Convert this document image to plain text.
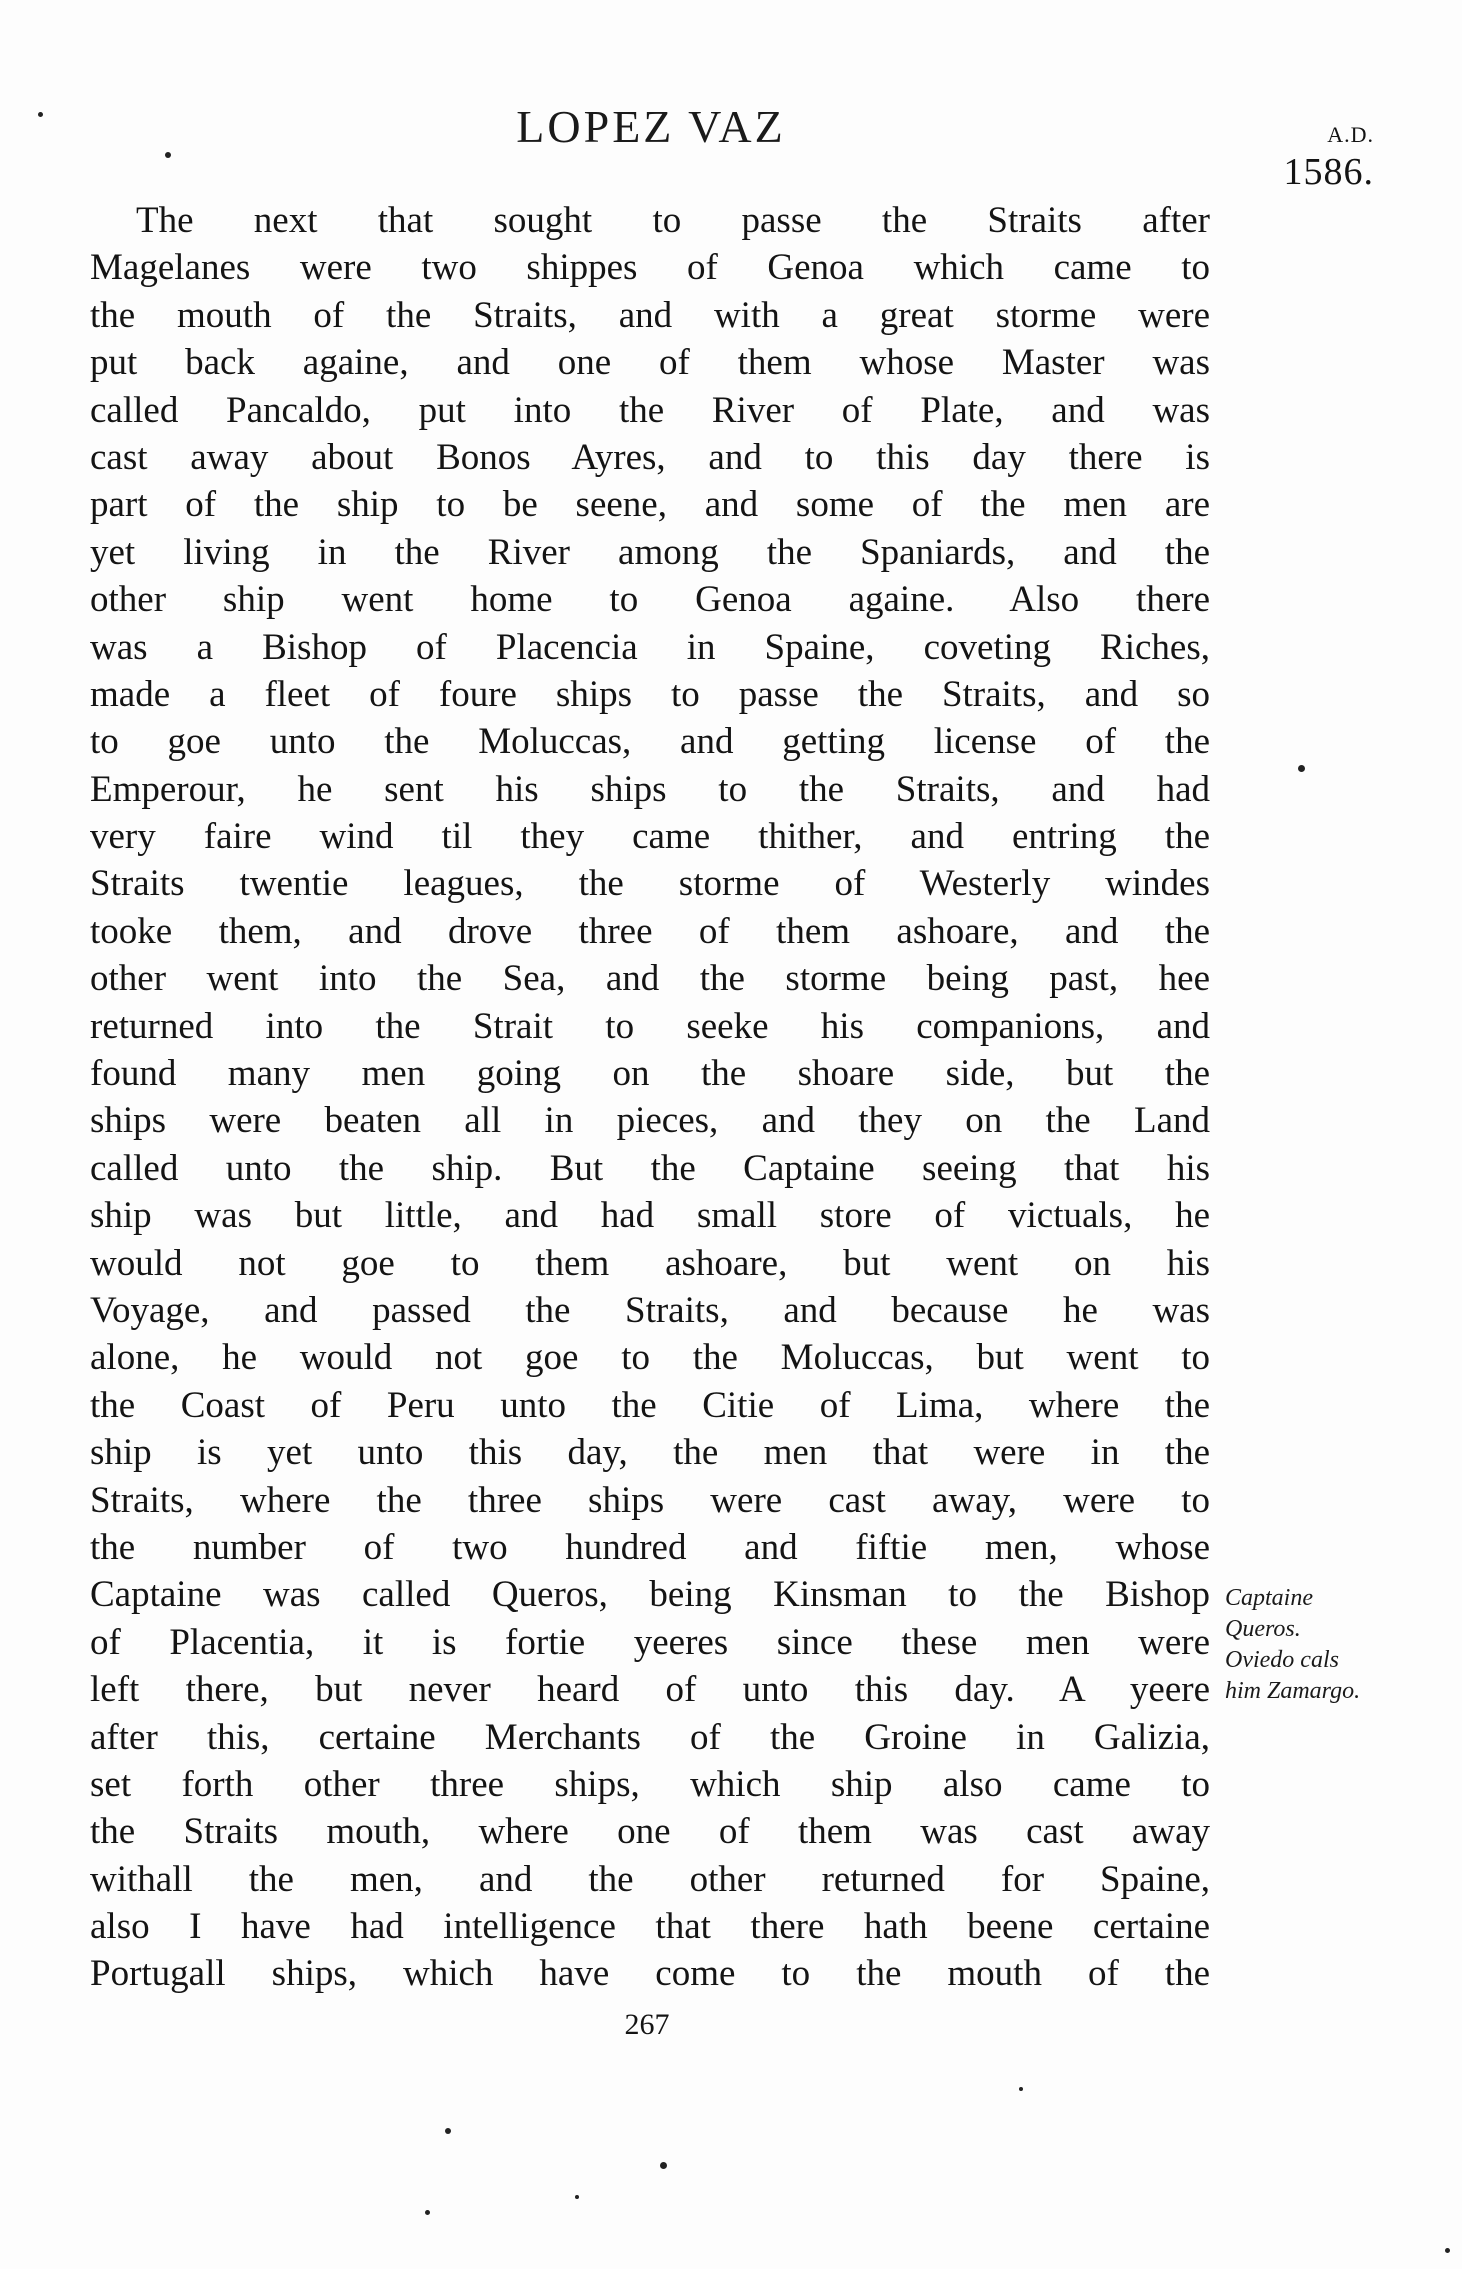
LOPEZ VAZ	A.D.
1586.
The next that sought to passe the Straits after
Magelanes were two shippes of Genoa which came to
the mouth of the Straits, and with a great storme were
put back againe, and one of them whose Master was
called Pancaldo, put into the River of Plate, and was
cast away about Bonos Ayres, and to this day there is
part of the ship to be seene, and some of the men are
yet living in the River among the Spaniards, and the
other ship went home to Genoa againe. Also there
was a Bishop of Placencia in Spaine, coveting Riches,
made a fleet of foure ships to passe the Straits, and so
to goe unto the Moluccas, and getting license of the
Emperour, he sent his ships to the Straits, and had
very faire wind til they came thither, and entring the
Straits twentie leagues, the storme of Westerly windes
tooke them, and drove three of them ashoare, and the
other went into the Sea, and the storme being past, hee
returned into the Strait to seeke his companions, and
found many men going on the shoare side, but the
ships were beaten all in pieces, and they on the Land
called unto the ship. But the Captaine seeing that his
ship was but little, and had small store of victuals, he
would not goe to them ashoare, but went on his
Voyage, and passed the Straits, and because he was
alone, he would not goe to the Moluccas, but went to
the Coast of Peru unto the Citie of Lima, where the
ship is yet unto this day, the men that were in the
Straits, where the three ships were cast away, were to
the number of two hundred and fiftie men, whose
Captaine was called Queros, being Kinsman to the Bishop
of Placentia, it is fortie yeeres since these men were
left there, but never heard of unto this day. A yeere
after this, certaine Merchants of the Groine in Galizia,
set forth other three ships, which ship also came to
the Straits mouth, where one of them was cast away
withall the men, and the other returned for Spaine,
also I have had intelligence that there hath beene certaine
Portugall ships, which have come to the mouth of the
Captaine
Queros.
Oviedo cals
him Zamargo.
267
